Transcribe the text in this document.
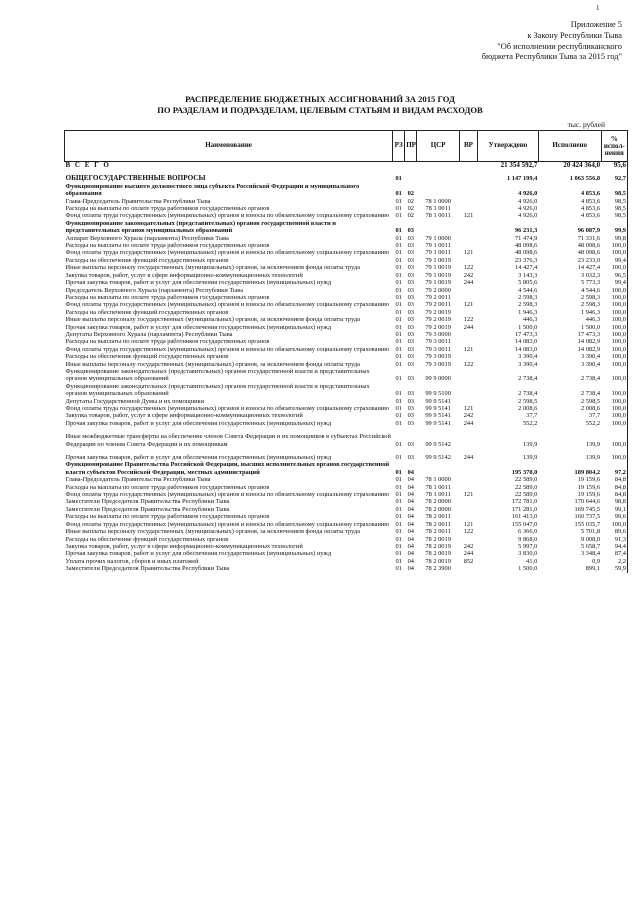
1
Приложение 5
к Закону Республики Тыва
"Об исполнении республиканского
бюджета Республики Тыва за 2015 год"
РАСПРЕДЕЛЕНИЕ БЮДЖЕТНЫХ АССИГНОВАНИЙ ЗА 2015 ГОД
ПО РАЗДЕЛАМ И ПОДРАЗДЕЛАМ, ЦЕЛЕВЫМ СТАТЬЯМ И ВИДАМ РАСХОДОВ
тыс. рублей
Наименование	РЗ	ПР	ЦСР	ВР	Утверждено	Исполнено	% испол-нения
В С Е Г О					21 354 592,7	20 424 364,0	95,6

ОБЩЕГОСУДАРСТВЕННЫЕ ВОПРОСЫ	01				1 147 199,4	1 063 556,8	92,7
Функционирование высшего должностного лица субъекта Российской Федерации и муниципального образования	01	02			4 926,0	4 853,6	98,5
Глава-Председатель Правительства Республики Тыва	01	02	78 1 0000		4 926,0	4 853,6	98,5
Расходы на выплаты по оплате труда работников государственных органов	01	02	78 1 0011		4 926,0	4 853,6	98,5
Фонд оплаты труда государственных (муниципальных) органов и взносы по обязательному социальному страхованию	01	02	78 1 0011	121	4 926,0	4 853,6	98,5
Функционирование законодательных (представительных) органов государственной власти и представительных органов муниципальных образований	01	03			96 231,3	96 087,9	99,9
Аппарат Верховного Хурала (парламента) Республики Тыва	01	03	79 1 0000		71 474,9	71 331,6	99,8
Расходы на выплаты по оплате труда работников государственных органов	01	03	79 1 0011		48 098,6	48 098,6	100,0
Фонд оплаты труда государственных (муниципальных) органов и взносы по обязательному социальному страхованию	01	03	79 1 0011	121	48 098,6	48 098,6	100,0
Расходы на обеспечение функций государственных органов	01	03	79 1 0019		23 376,3	23 233,0	99,4
Иные выплаты персоналу государственных (муниципальных) органов, за исключением фонда оплаты труда	01	03	79 1 0019	122	14 427,4	14 427,4	100,0
Закупка товаров, работ, услуг в сфере информационно-коммуникационных технологий	01	03	79 1 0019	242	3 143,3	3 032,3	96,5
Прочая закупка товаров, работ и услуг для обеспечения государственных (муниципальных) нужд	01	03	79 1 0019	244	5 805,6	5 773,3	99,4
Председатель Верховного Хурала (парламента) Республики Тыва	01	03	79 2 0000		4 544,6	4 544,6	100,0
Расходы на выплаты по оплате труда работников государственных органов	01	03	79 2 0011		2 598,3	2 598,3	100,0
Фонд оплаты труда государственных (муниципальных) органов и взносы по обязательному социальному страхованию	01	03	79 2 0011	121	2 598,3	2 598,3	100,0
Расходы на обеспечение функций государственных органов	01	03	79 2 0019		1 946,3	1 946,3	100,0
Иные выплаты персоналу государственных (муниципальных) органов, за исключением фонда оплаты труда	01	03	79 2 0019	122	446,3	446,3	100,0
Прочая закупка товаров, работ и услуг для обеспечения государственных (муниципальных) нужд	01	03	79 2 0019	244	1 500,0	1 500,0	100,0
Депутаты Верховного Хурала (парламента) Республики Тыва	01	03	79 3 0000		17 473,3	17 473,3	100,0
Расходы на выплаты по оплате труда работников государственных органов	01	03	79 3 0011		14 083,0	14 082,9	100,0
Фонд оплаты труда государственных (муниципальных) органов и взносы по обязательному социальному страхованию	01	03	79 3 0011	121	14 083,0	14 082,9	100,0
Расходы на обеспечение функций государственных органов	01	03	79 3 0019		3 390,4	3 390,4	100,0
Иные выплаты персоналу государственных (муниципальных) органов, за исключением фонда оплаты труда	01	03	79 3 0019	122	3 390,4	3 390,4	100,0
Функционирование законодательных (представительных) органов государственной власти и представительных органов муниципальных образований	01	03	99 9 0000		2 738,4	2 738,4	100,0
Функционирование законодательных (представительных) органов государственной власти и представительных органов муниципальных образований	01	03	99 9 5100		2 738,4	2 738,4	100,0
Депутаты Государственной Думы и их помощники	01	03	99 9 5141		2 598,5	2 598,5	100,0
Фонд оплаты труда государственных (муниципальных) органов и взносы по обязательному социальному страхованию	01	03	99 9 5141	121	2 008,6	2 008,6	100,0
Закупка товаров, работ, услуг в сфере информационно-коммуникационных технологий	01	03	99 9 5141	242	37,7	37,7	100,0
Прочая закупка товаров, работ и услуг для обеспечения государственных (муниципальных) нужд	01	03	99 9 5141	244	552,2	552,2	100,0

Иные межбюджетные трансферты на обеспечение членов Совета Федерации и их помощников в субъектах Российской Федерации по членам Совета Федерации и их помощникам	01	03	99 9 5142		139,9	139,9	100,0

Прочая закупка товаров, работ и услуг для обеспечения государственных (муниципальных) нужд	01	03	99 9 5142	244	139,9	139,9	100,0
Функционирование Правительства Российской Федерации, высших исполнительных органов государственной власти субъектов Российской Федерации, местных администраций	01	04			195 370,0	189 804,2	97,2
Глава-Председатель Правительства Республики Тыва	01	04	78 1 0000		22 589,0	19 159,6	84,8
Расходы на выплаты по оплате труда работников государственных органов	01	04	78 1 0011		22 589,0	19 159,6	84,8
Фонд оплаты труда государственных (муниципальных) органов и взносы по обязательному социальному страхованию	01	04	78 1 0011	121	22 589,0	19 159,6	84,8
Заместители Председателя Правительства Республики Тыва	01	04	78 2 0000		172 781,0	170 644,6	98,8
Заместители Председателя Правительства Республики Тыва	01	04	78 2 0000		171 281,0	169 745,5	99,1
Расходы на выплаты по оплате труда работников государственных органов	01	04	78 2 0011		161 413,0	160 737,5	99,6
Фонд оплаты труда государственных (муниципальных) органов и взносы по обязательному социальному страхованию	01	04	78 2 0011	121	155 047,0	155 035,7	100,0
Иные выплаты персоналу государственных (муниципальных) органов, за исключением фонда оплаты труда	01	04	78 2 0011	122	6 366,0	5 701,8	89,6
Расходы на обеспечение функций государственных органов	01	04	78 2 0019		9 868,0	9 008,0	91,3
Закупка товаров, работ, услуг в сфере информационно-коммуникационных технологий	01	04	78 2 0019	242	5 997,0	5 658,7	94,4
Прочая закупка товаров, работ и услуг для обеспечения государственных (муниципальных) нужд	01	04	78 2 0019	244	3 830,0	3 348,4	87,4
Уплата прочих налогов, сборов и иных платежей	01	04	78 2 0019	852	41,0	0,9	2,2
Заместители Председателя Правительства Республики Тыва	01	04	78 2 3900		1 500,0	899,1	59,9
